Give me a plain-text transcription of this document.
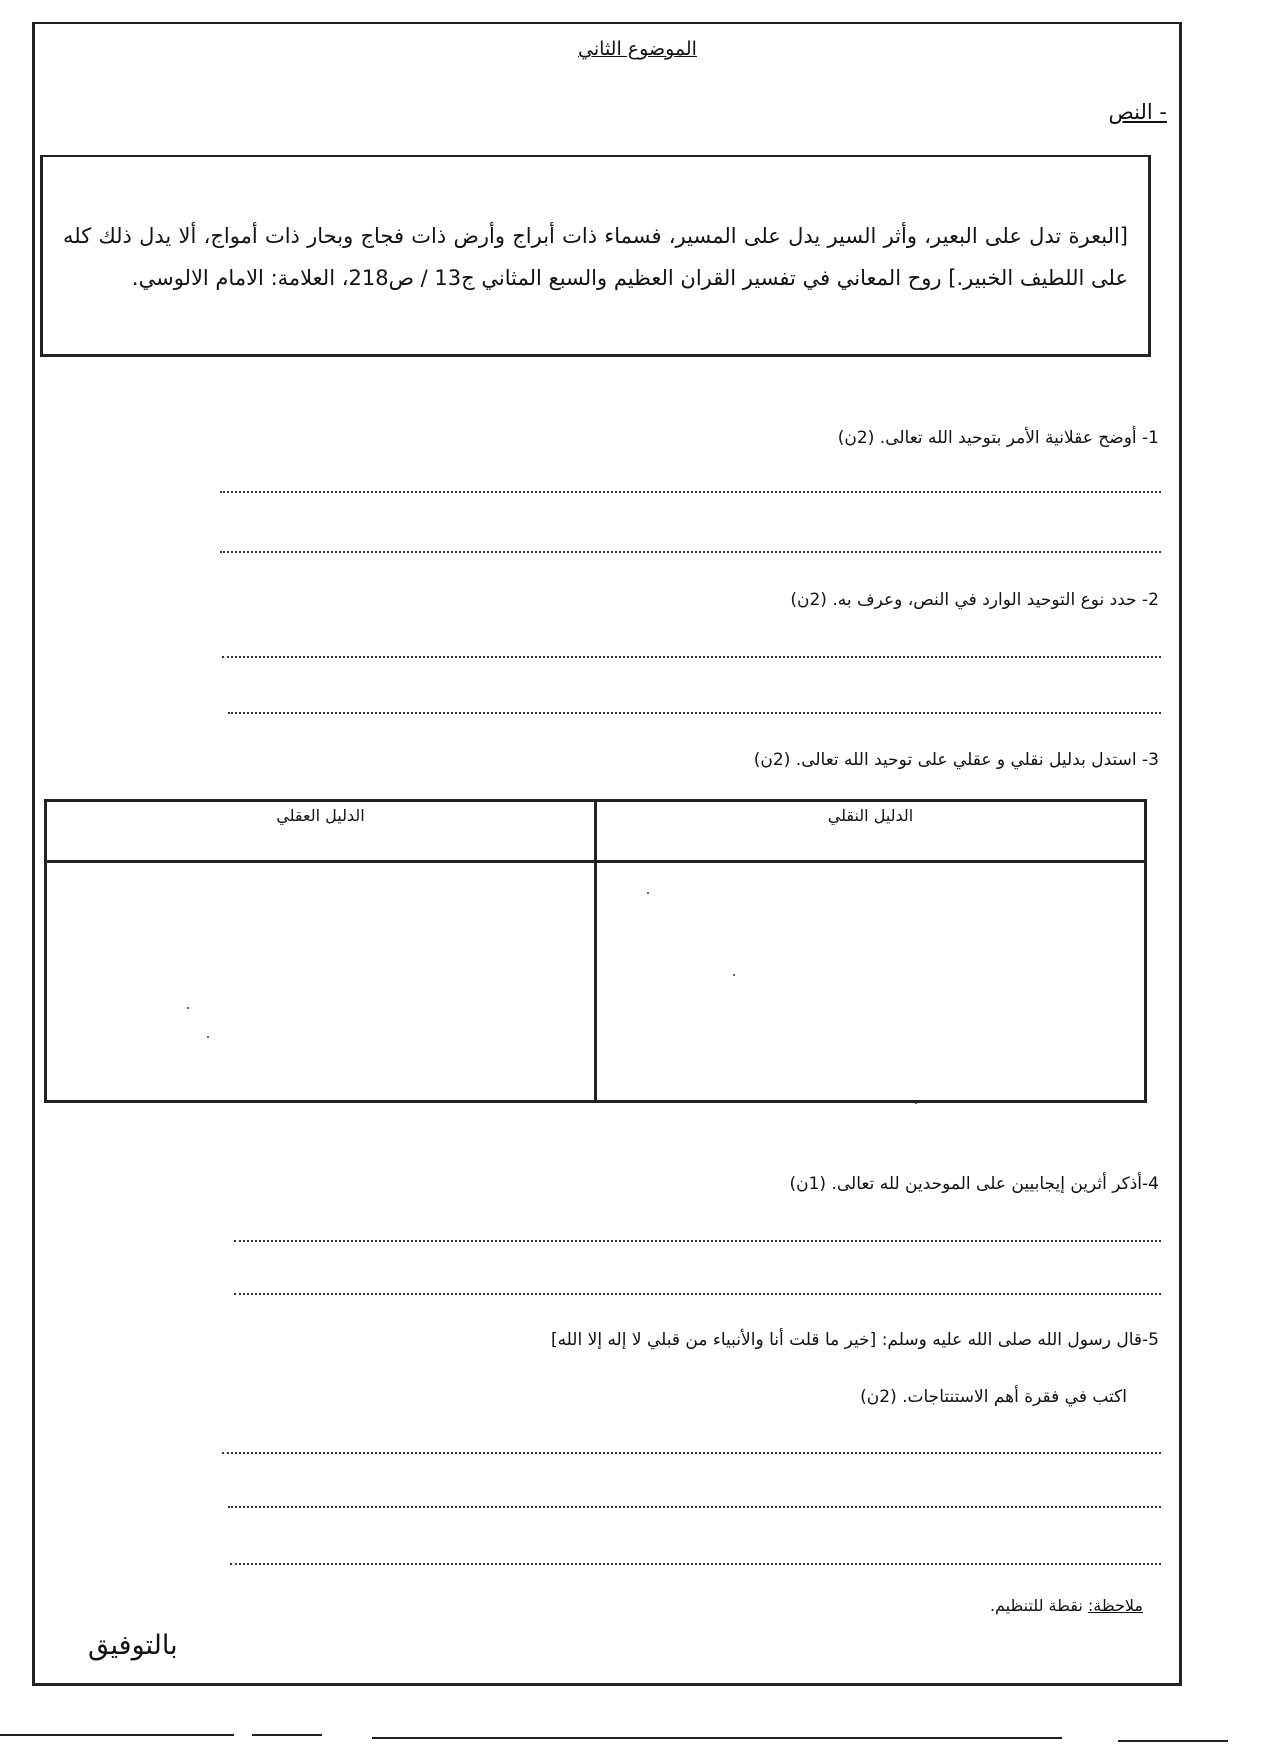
الموضوع الثاني
- النص

[البعرة تدل على البعير، وأثر السير يدل على المسير، فسماء ذات أبراج وأرض ذات فجاج وبحار ذات أمواج، ألا يدل ذلك كله على اللطيف الخبير.] روح المعاني في تفسير القران العظيم والسبع المثاني ج13 / ص218، العلامة: الامام الالوسي.

1- أوضح عقلانية الأمر بتوحيد الله تعالى. (2ن)
2- حدد نوع التوحيد الوارد في النص، وعرف به. (2ن)
3- استدل بدليل نقلي و عقلي على توحيد الله تعالى. (2ن)
الدليل النقلي
الدليل العقلي
4-أذكر أثرين إيجابيين على الموحدين لله تعالى. (1ن)
5-قال رسول الله صلى الله عليه وسلم: [خير ما قلت أنا والأنبياء من قبلي لا إله إلا الله]
اكتب في فقرة أهم الاستنتاجات. (2ن)
ملاحظة: نقطة للتنظيم.
بالتوفيق
